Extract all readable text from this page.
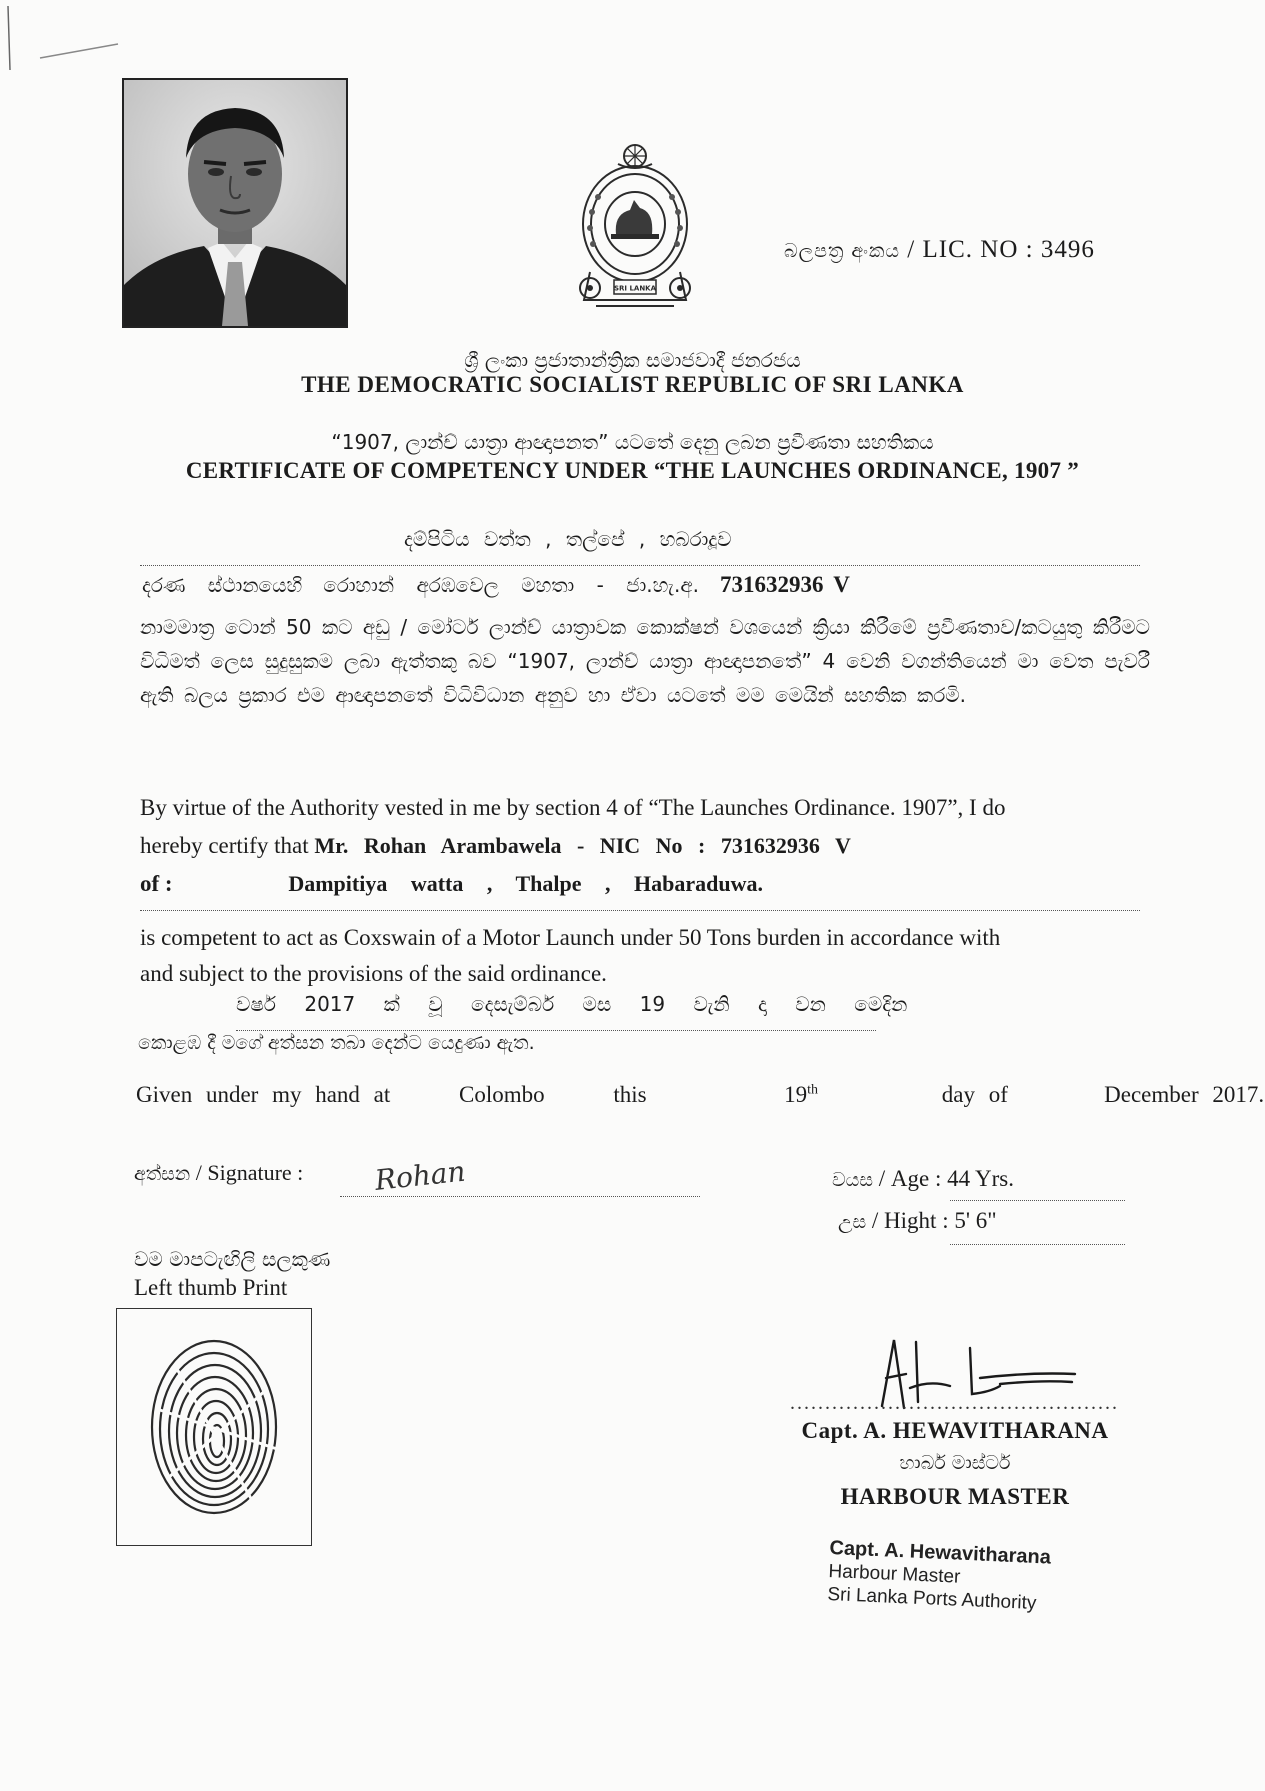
SRI LANKA
බලපත්‍ර අංකය / LIC. NO : 3496
ශ්‍රී ලංකා ප්‍රජාතාන්ත්‍රික සමාජවාදී ජනරජය
THE DEMOCRATIC SOCIALIST REPUBLIC OF SRI LANKA
“1907, ලාන්ච් යාත්‍රා ආඥාපනත” යටතේ දෙනු ලබන ප්‍රවීණතා සහතිකය
CERTIFICATE OF COMPETENCY UNDER “THE LAUNCHES ORDINANCE, 1907 ”
දම්පිටිය වත්ත , තල්පේ , හබරාදූව
දරණ ස්ථානයෙහි රොහාන් අරඹවෙල මහතා - ජා.හැ.අ. 731632936 V
නාමමාත්‍ර ටොන් 50 කට අඩු / මෝටර් ලාන්ච් යාත්‍රාවක කොක්ෂන් වශයෙන් ක්‍රියා කිරීමේ ප්‍රවීණතාව/කටයුතු කිරීමට විධිමත් ලෙස සුදුසුකම ලබා ඇත්තකු බව “1907, ලාන්ච් යාත්‍රා ආඥාපනතේ” 4 වෙනි වගන්තියෙන් මා වෙත පැවරී ඇති බලය ප්‍රකාර එම ආඥාපනතේ විධිවිධාන අනුව හා ඒවා යටතේ මම මෙයින් සහතික කරමි.
By virtue of the Authority vested in me by section 4 of “The Launches Ordinance. 1907”, I do
hereby certify that Mr. Rohan Arambawela - NIC No : 731632936 V
of :	Dampitiya watta , Thalpe , Habaraduwa.
is competent to act as Coxswain of a Motor Launch under 50 Tons burden in accordance with
and subject to the provisions of the said ordinance.
වර්ෂ 2017 ක් වූ දෙසැම්බර් මස 19 වැනි දා වන මෙදින
කොළඹ දී මගේ අත්සන තබා දෙන්ට යෙදුණා ඇත.
Given under my hand at	Colombo	this	19th	day of	December 2017.
අත්සන / Signature :	Rohan	වයස / Age : 44 Yrs.
උස / Hight : 5' 6"
වම මාපටැඟිලි සලකුණ
Left thumb Print
...............................................
Capt. A. HEWAVITHARANA
හාබර් මාස්ටර්
HARBOUR MASTER
Capt. A. Hewavitharana
Harbour Master
Sri Lanka Ports Authority
